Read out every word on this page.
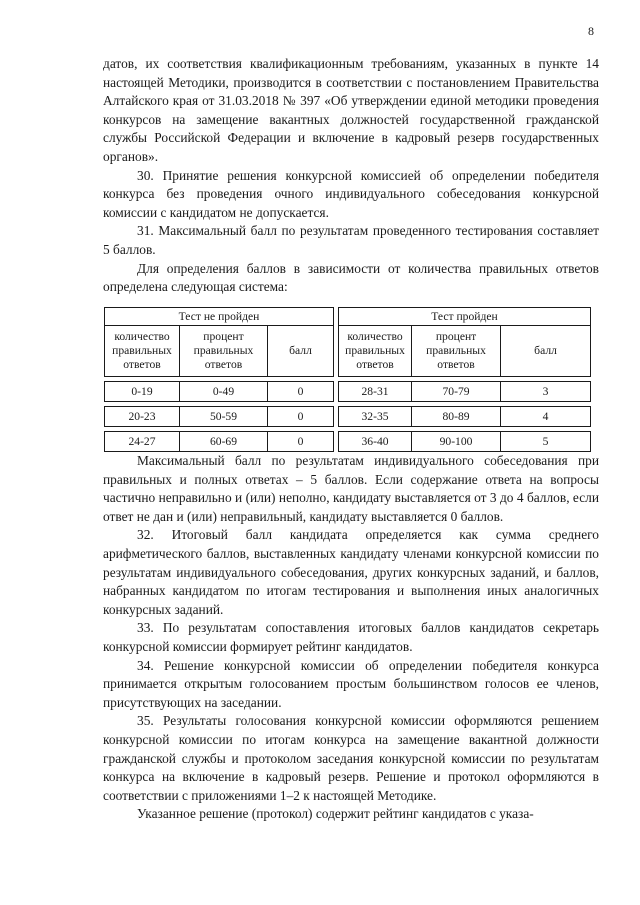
8

датов, их соответствия квалификационным требованиям, указанных в пункте 14 настоящей Методики, производится в соответствии с постановлением Правительства Алтайского края от 31.03.2018 № 397 «Об утверждении единой методики проведения конкурсов на замещение вакантных должностей государственной гражданской службы Российской Федерации и включение в кадровый резерв государственных органов».

30. Принятие решения конкурсной комиссией об определении победителя конкурса без проведения очного индивидуального собеседования конкурсной комиссии с кандидатом не допускается.

31. Максимальный балл по результатам проведенного тестирования составляет 5 баллов.

Для определения баллов в зависимости от количества правильных ответов определена следующая система:

Тест не пройден				Тест пройден		
количество правильных ответов	процент правильных ответов	балл		количество правильных ответов	процент правильных ответов	балл

0-19	0-49	0		28-31	70-79	3

20-23	50-59	0		32-35	80-89	4

24-27	60-69	0		36-40	90-100	5

Максимальный балл по результатам индивидуального собеседования при правильных и полных ответах – 5 баллов. Если содержание ответа на вопросы частично неправильно и (или) неполно, кандидату выставляется от 3 до 4 баллов, если ответ не дан и (или) неправильный, кандидату выставляется 0 баллов.

32. Итоговый балл кандидата определяется как сумма среднего арифметического баллов, выставленных кандидату членами конкурсной комиссии по результатам индивидуального собеседования, других конкурсных заданий, и баллов, набранных кандидатом по итогам тестирования и выполнения иных аналогичных конкурсных заданий.

33. По результатам сопоставления итоговых баллов кандидатов секретарь конкурсной комиссии формирует рейтинг кандидатов.

34. Решение конкурсной комиссии об определении победителя конкурса принимается открытым голосованием простым большинством голосов ее членов, присутствующих на заседании.

35. Результаты голосования конкурсной комиссии оформляются решением конкурсной комиссии по итогам конкурса на замещение вакантной должности гражданской службы и протоколом заседания конкурсной комиссии по результатам конкурса на включение в кадровый резерв. Решение и протокол оформляются в соответствии с приложениями 1–2 к настоящей Методике.

Указанное решение (протокол) содержит рейтинг кандидатов с указа-
